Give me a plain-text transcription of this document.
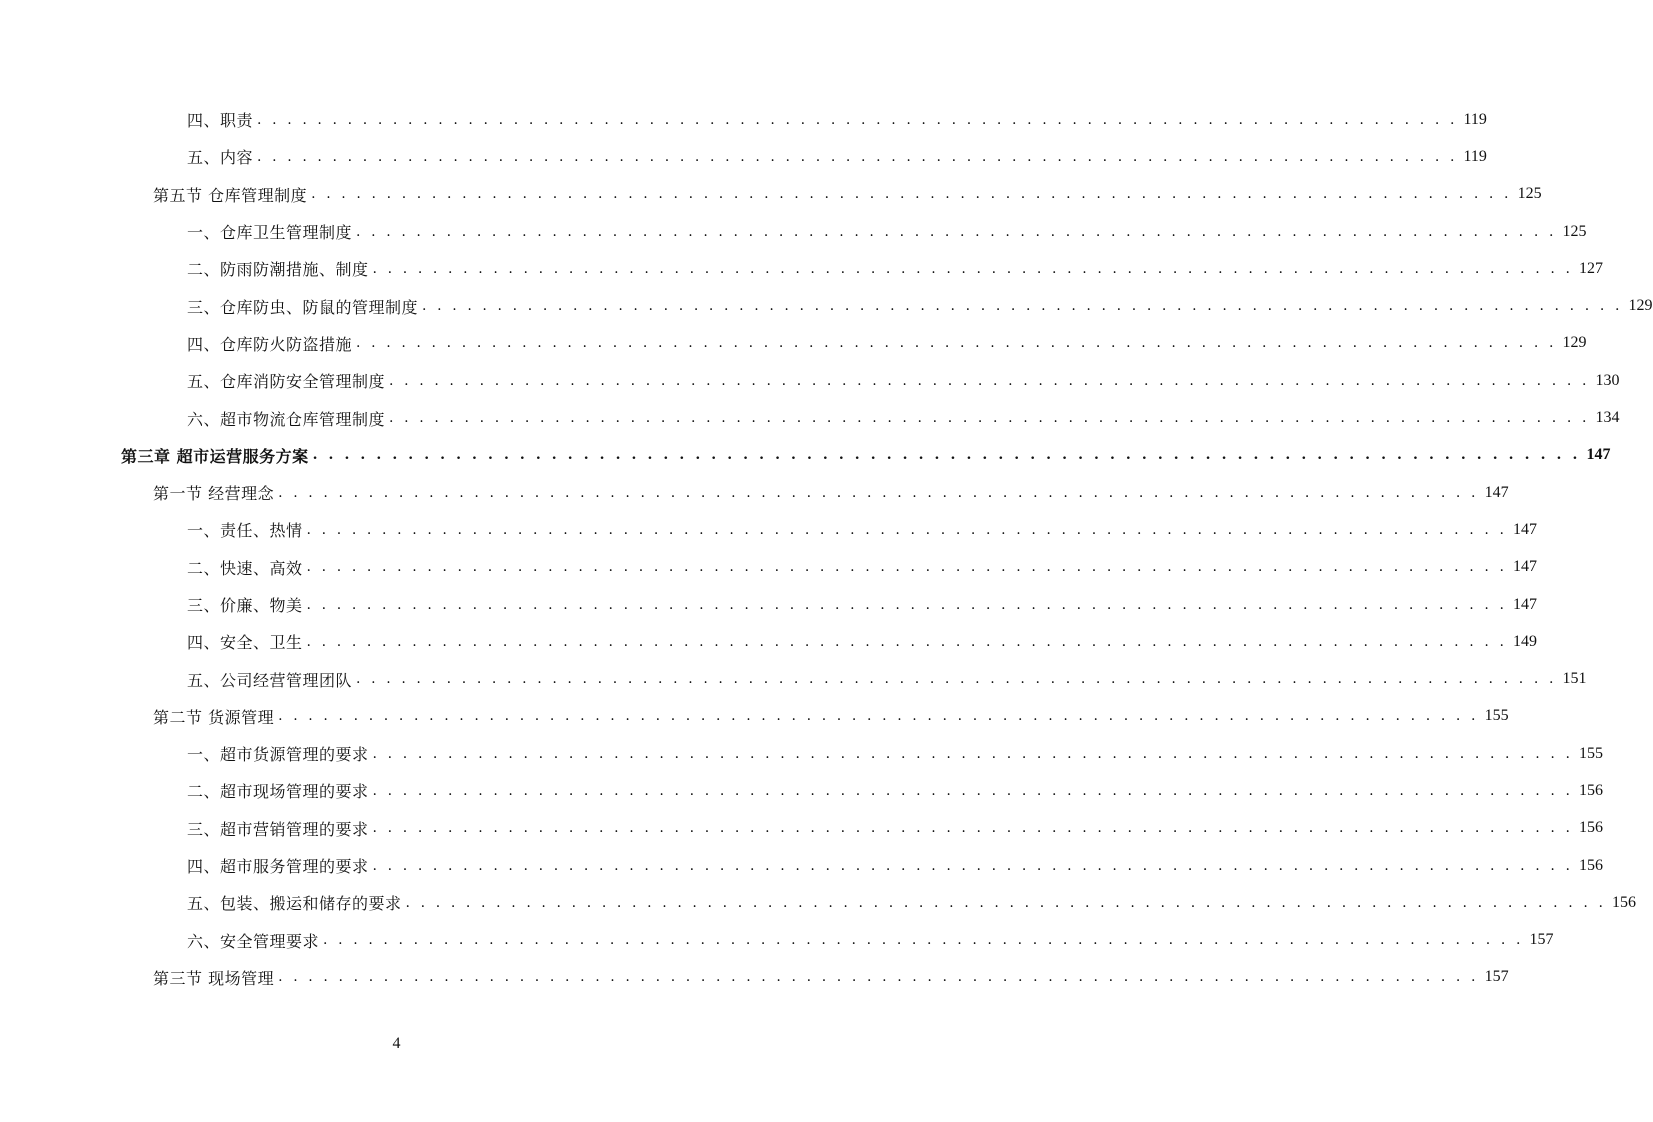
四、职责 . . . . . . . . . . . . . . . . . . . . . . . . . . . . . . . . . . . . . . . . . . . . . . . . . . . . . . . . . . . . . . . . . . . . . . . . . . . . . . . . 119
五、内容 . . . . . . . . . . . . . . . . . . . . . . . . . . . . . . . . . . . . . . . . . . . . . . . . . . . . . . . . . . . . . . . . . . . . . . . . . . . . . . . . 119
第五节 仓库管理制度 . . . . . . . . . . . . . . . . . . . . . . . . . . . . . . . . . . . . . . . . . . . . . . . . . . . . . . . . . . . . . . . . . . . . . . . . . . . . . . . . 125
一、仓库卫生管理制度 . . . . . . . . . . . . . . . . . . . . . . . . . . . . . . . . . . . . . . . . . . . . . . . . . . . . . . . . . . . . . . . . . . . . . . . . . . . . . . . . 125
二、防雨防潮措施、制度 . . . . . . . . . . . . . . . . . . . . . . . . . . . . . . . . . . . . . . . . . . . . . . . . . . . . . . . . . . . . . . . . . . . . . . . . . . . . . . . . 127
三、仓库防虫、防鼠的管理制度 . . . . . . . . . . . . . . . . . . . . . . . . . . . . . . . . . . . . . . . . . . . . . . . . . . . . . . . . . . . . . . . . . . . . . . . . . . . . . . . . 129
四、仓库防火防盗措施 . . . . . . . . . . . . . . . . . . . . . . . . . . . . . . . . . . . . . . . . . . . . . . . . . . . . . . . . . . . . . . . . . . . . . . . . . . . . . . . . 129
五、仓库消防安全管理制度 . . . . . . . . . . . . . . . . . . . . . . . . . . . . . . . . . . . . . . . . . . . . . . . . . . . . . . . . . . . . . . . . . . . . . . . . . . . . . . . . 130
六、超市物流仓库管理制度 . . . . . . . . . . . . . . . . . . . . . . . . . . . . . . . . . . . . . . . . . . . . . . . . . . . . . . . . . . . . . . . . . . . . . . . . . . . . . . . . 134
第三章 超市运营服务方案 . . . . . . . . . . . . . . . . . . . . . . . . . . . . . . . . . . . . . . . . . . . . . . . . . . . . . . . . . . . . . . . . . . . . . . . . . . . . . . . . 147
第一节 经营理念 . . . . . . . . . . . . . . . . . . . . . . . . . . . . . . . . . . . . . . . . . . . . . . . . . . . . . . . . . . . . . . . . . . . . . . . . . . . . . . . . 147
一、责任、热情 . . . . . . . . . . . . . . . . . . . . . . . . . . . . . . . . . . . . . . . . . . . . . . . . . . . . . . . . . . . . . . . . . . . . . . . . . . . . . . . . 147
二、快速、高效 . . . . . . . . . . . . . . . . . . . . . . . . . . . . . . . . . . . . . . . . . . . . . . . . . . . . . . . . . . . . . . . . . . . . . . . . . . . . . . . . 147
三、价廉、物美 . . . . . . . . . . . . . . . . . . . . . . . . . . . . . . . . . . . . . . . . . . . . . . . . . . . . . . . . . . . . . . . . . . . . . . . . . . . . . . . . 147
四、安全、卫生 . . . . . . . . . . . . . . . . . . . . . . . . . . . . . . . . . . . . . . . . . . . . . . . . . . . . . . . . . . . . . . . . . . . . . . . . . . . . . . . . 149
五、公司经营管理团队 . . . . . . . . . . . . . . . . . . . . . . . . . . . . . . . . . . . . . . . . . . . . . . . . . . . . . . . . . . . . . . . . . . . . . . . . . . . . . . . . 151
第二节 货源管理 . . . . . . . . . . . . . . . . . . . . . . . . . . . . . . . . . . . . . . . . . . . . . . . . . . . . . . . . . . . . . . . . . . . . . . . . . . . . . . . . 155
一、超市货源管理的要求 . . . . . . . . . . . . . . . . . . . . . . . . . . . . . . . . . . . . . . . . . . . . . . . . . . . . . . . . . . . . . . . . . . . . . . . . . . . . . . . . 155
二、超市现场管理的要求 . . . . . . . . . . . . . . . . . . . . . . . . . . . . . . . . . . . . . . . . . . . . . . . . . . . . . . . . . . . . . . . . . . . . . . . . . . . . . . . . 156
三、超市营销管理的要求 . . . . . . . . . . . . . . . . . . . . . . . . . . . . . . . . . . . . . . . . . . . . . . . . . . . . . . . . . . . . . . . . . . . . . . . . . . . . . . . . 156
四、超市服务管理的要求 . . . . . . . . . . . . . . . . . . . . . . . . . . . . . . . . . . . . . . . . . . . . . . . . . . . . . . . . . . . . . . . . . . . . . . . . . . . . . . . . 156
五、包装、搬运和储存的要求 . . . . . . . . . . . . . . . . . . . . . . . . . . . . . . . . . . . . . . . . . . . . . . . . . . . . . . . . . . . . . . . . . . . . . . . . . . . . . . . . 156
六、安全管理要求 . . . . . . . . . . . . . . . . . . . . . . . . . . . . . . . . . . . . . . . . . . . . . . . . . . . . . . . . . . . . . . . . . . . . . . . . . . . . . . . . 157
第三节 现场管理 . . . . . . . . . . . . . . . . . . . . . . . . . . . . . . . . . . . . . . . . . . . . . . . . . . . . . . . . . . . . . . . . . . . . . . . . . . . . . . . . 157
4
